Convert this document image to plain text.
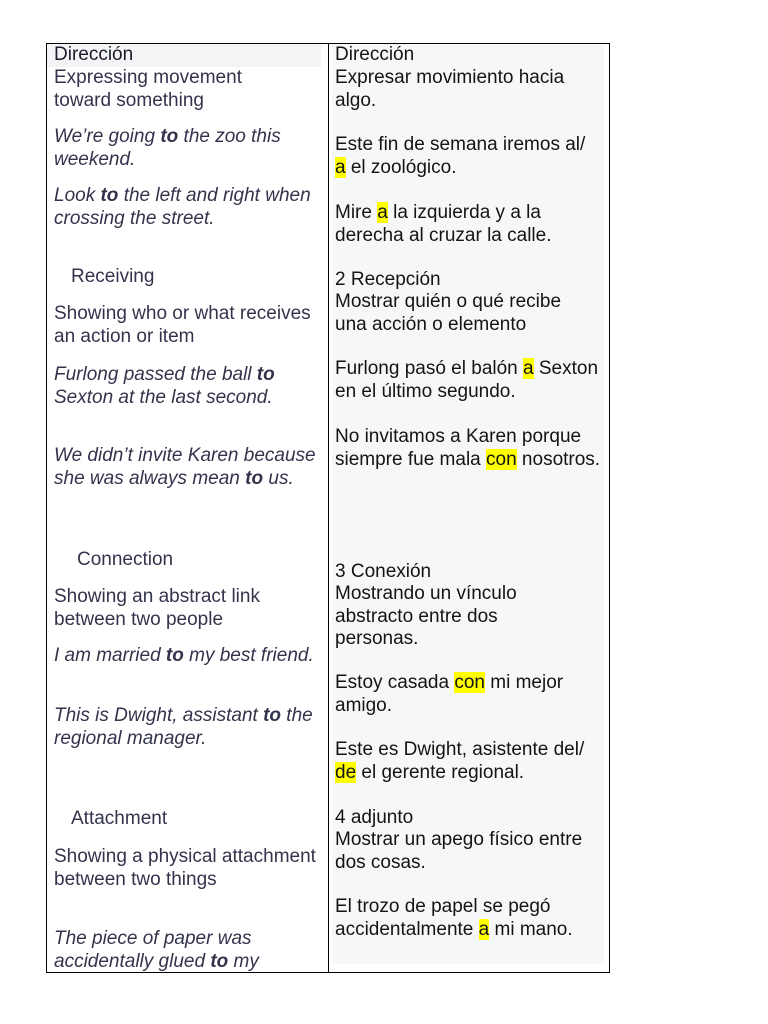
Dirección
Expressing movement toward something
We’re going to the zoo this weekend.
Look to the left and right when crossing the street.
Receiving
Showing who or what receives an action or item
Furlong passed the ball to Sexton at the last second.
We didn’t invite Karen because she was always mean to us.
Connection
Showing an abstract link between two people
I am married to my best friend.
This is Dwight, assistant to the regional manager.
Attachment
Showing a physical attachment between two things
The piece of paper was accidentally glued to my
Dirección
Expresar movimiento hacia algo.
Este fin de semana iremos al/ a el zoológico.
Mire a la izquierda y a la derecha al cruzar la calle.
2 Recepción
Mostrar quién o qué recibe una acción o elemento
Furlong pasó el balón a Sexton en el último segundo.
No invitamos a Karen porque siempre fue mala con nosotros.
3 Conexión
Mostrando un vínculo abstracto entre dos personas.
Estoy casada con mi mejor amigo.
Este es Dwight, asistente del/ de el gerente regional.
4 adjunto
Mostrar un apego físico entre dos cosas.
El trozo de papel se pegó accidentalmente a mi mano.
